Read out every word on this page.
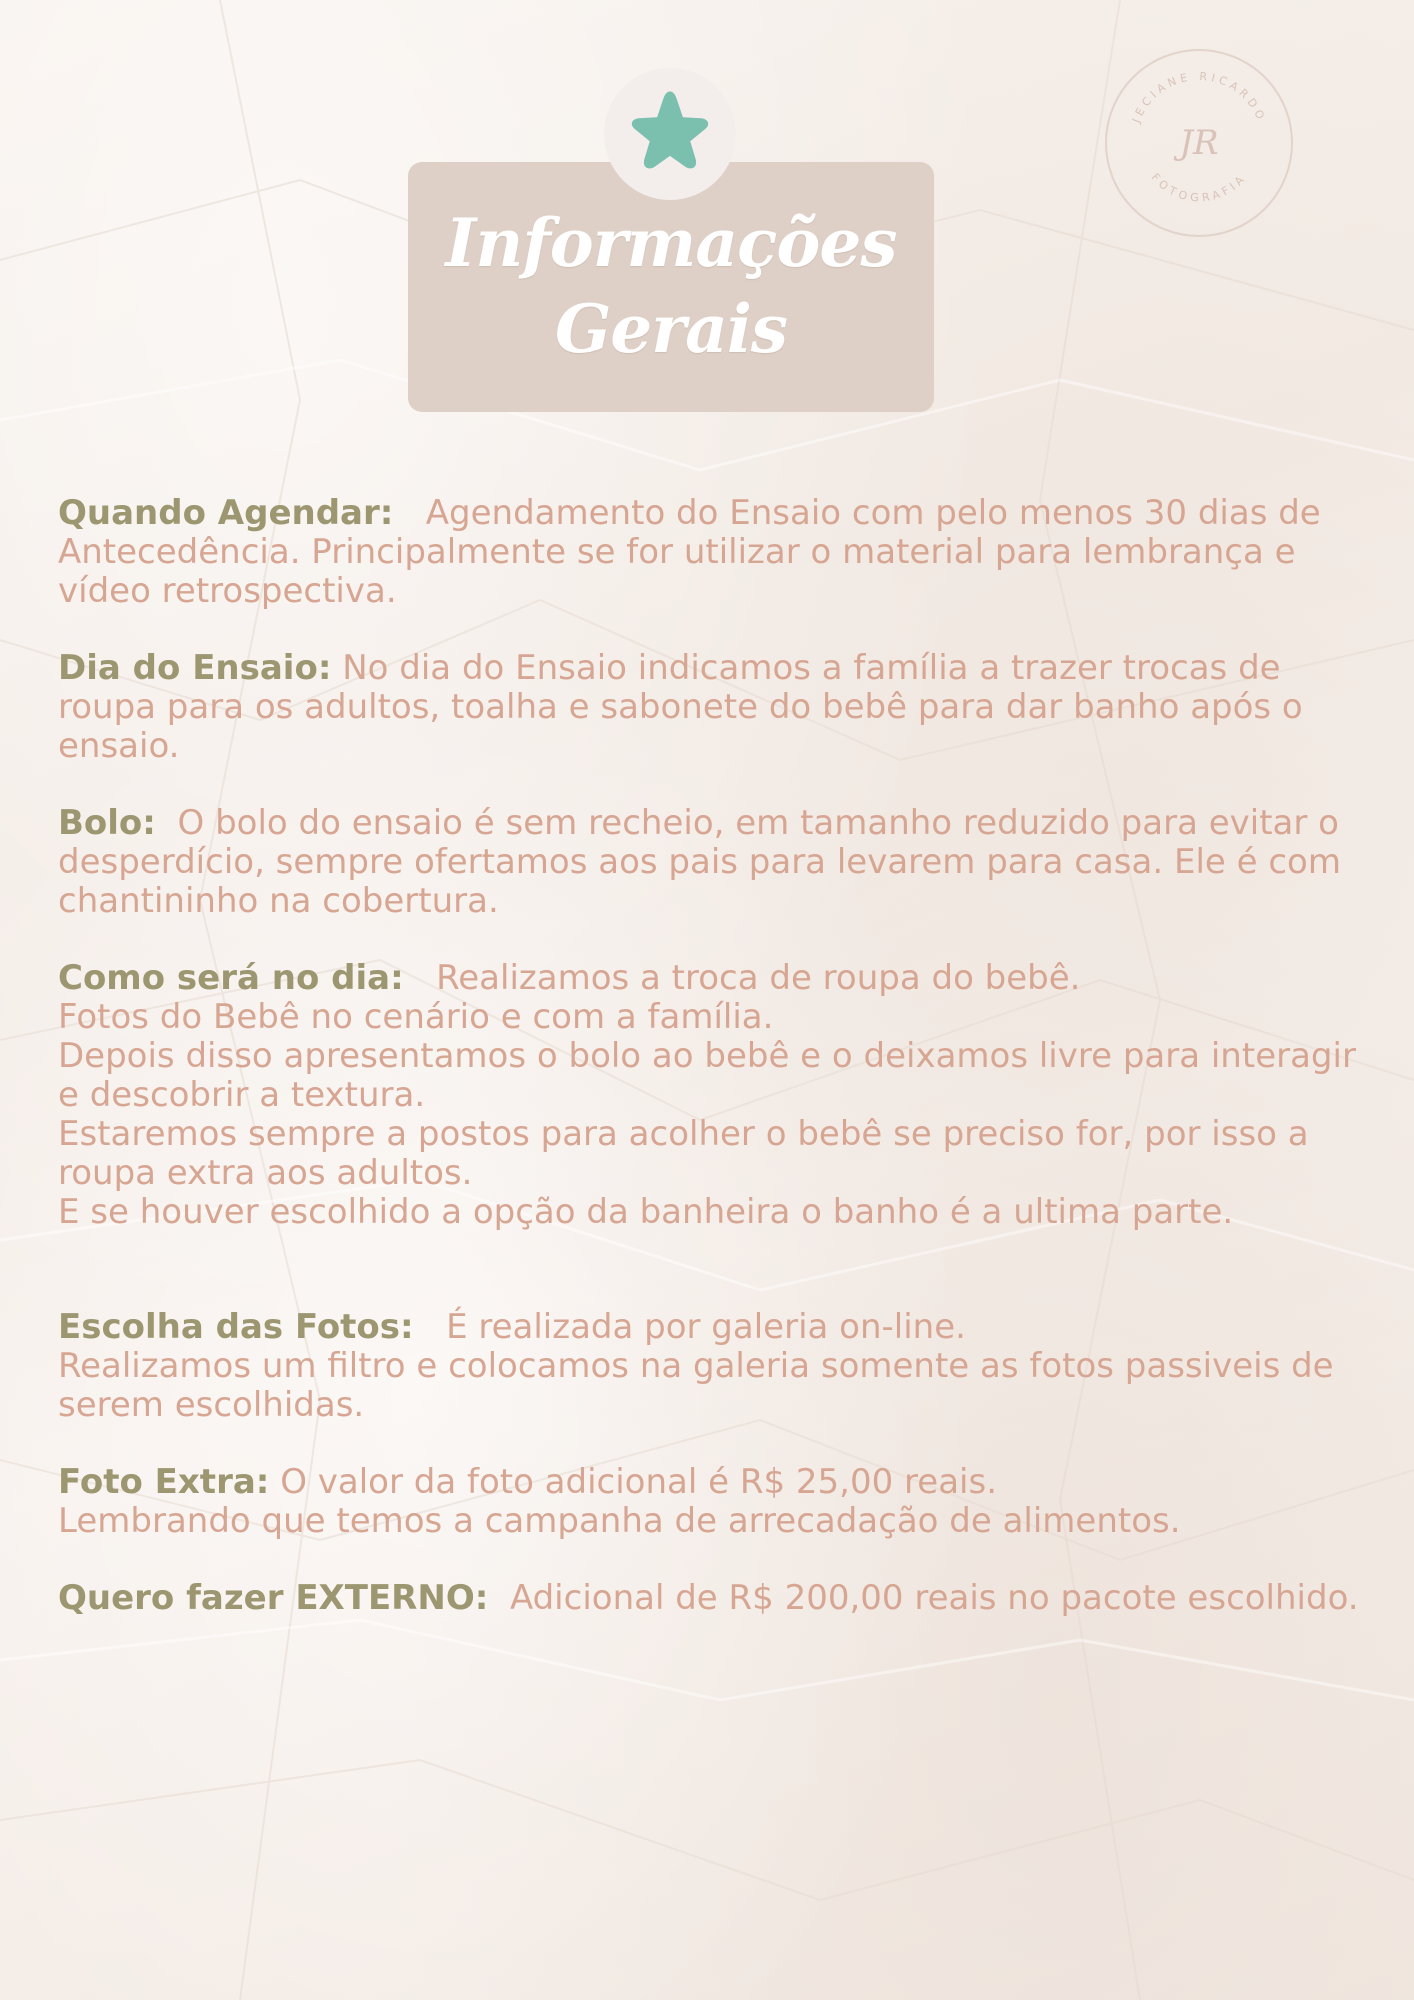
JECIANE RICARDO
FOTOGRAFIA
JR
Informações
Gerais

Quando Agendar: Agendamento do Ensaio com pelo menos 30 dias de Antecedência. Principalmente se for utilizar o material para lembrança e vídeo retrospectiva.

Dia do Ensaio: No dia do Ensaio indicamos a família a trazer trocas de roupa para os adultos, toalha e sabonete do bebê para dar banho após o ensaio.

Bolo: O bolo do ensaio é sem recheio, em tamanho reduzido para evitar o desperdício, sempre ofertamos aos pais para levarem para casa. Ele é com chantininho na cobertura.

Como será no dia: Realizamos a troca de roupa do bebê.

Fotos do Bebê no cenário e com a família.

Depois disso apresentamos o bolo ao bebê e o deixamos livre para interagir e descobrir a textura.

Estaremos sempre a postos para acolher o bebê se preciso for, por isso a roupa extra aos adultos.

E se houver escolhido a opção da banheira o banho é a ultima parte.

Escolha das Fotos: É realizada por galeria on-line.

Realizamos um filtro e colocamos na galeria somente as fotos passiveis de serem escolhidas.

Foto Extra: O valor da foto adicional é R$ 25,00 reais.

Lembrando que temos a campanha de arrecadação de alimentos.

Quero fazer EXTERNO: Adicional de R$ 200,00 reais no pacote escolhido.
